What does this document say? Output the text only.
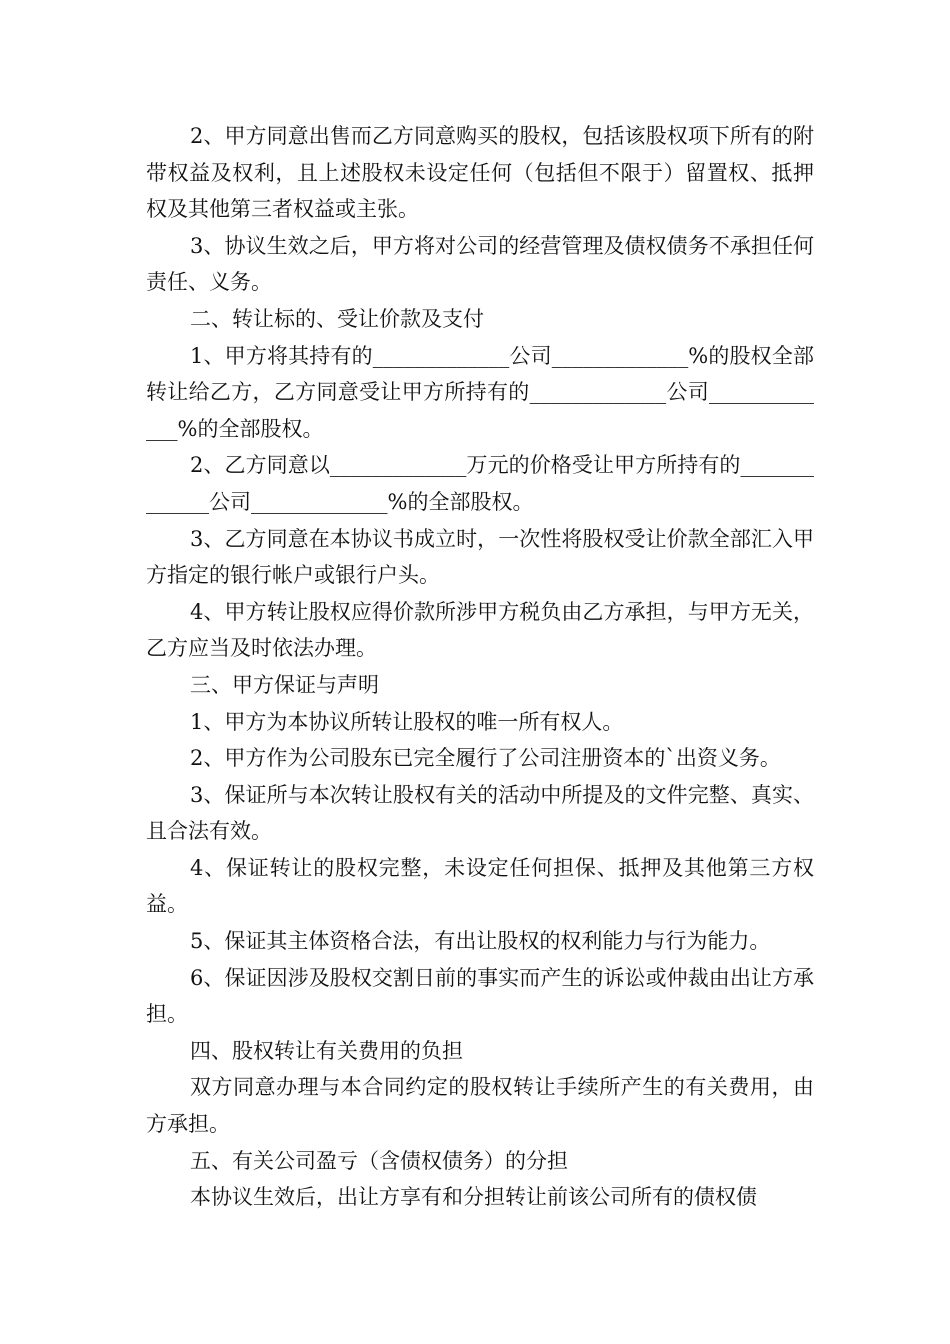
2、甲方同意出售而乙方同意购买的股权，包括该股权项下所有的附带权益及权利，且上述股权未设定任何（包括但不限于）留置权、抵押权及其他第三者权益或主张。

3、协议生效之后，甲方将对公司的经营管理及债权债务不承担任何责任、义务。

二、转让标的、受让价款及支付

1、甲方将其持有的_____________公司_____________%的股权全部转让给乙方，乙方同意受让甲方所持有的_____________公司_____________%的全部股权。

2、乙方同意以_____________万元的价格受让甲方所持有的_____________公司_____________%的全部股权。

3、乙方同意在本协议书成立时，一次性将股权受让价款全部汇入甲方指定的银行帐户或银行户头。

4、甲方转让股权应得价款所涉甲方税负由乙方承担，与甲方无关，乙方应当及时依法办理。

三、甲方保证与声明

1、甲方为本协议所转让股权的唯一所有权人。

2、甲方作为公司股东已完全履行了公司注册资本的`出资义务。

3、保证所与本次转让股权有关的活动中所提及的文件完整、真实、且合法有效。

4、保证转让的股权完整，未设定任何担保、抵押及其他第三方权益。

5、保证其主体资格合法，有出让股权的权利能力与行为能力。

6、保证因涉及股权交割日前的事实而产生的诉讼或仲裁由出让方承担。

四、股权转让有关费用的负担

双方同意办理与本合同约定的股权转让手续所产生的有关费用，由方承担。

五、有关公司盈亏（含债权债务）的分担

本协议生效后，出让方享有和分担转让前该公司所有的债权债
